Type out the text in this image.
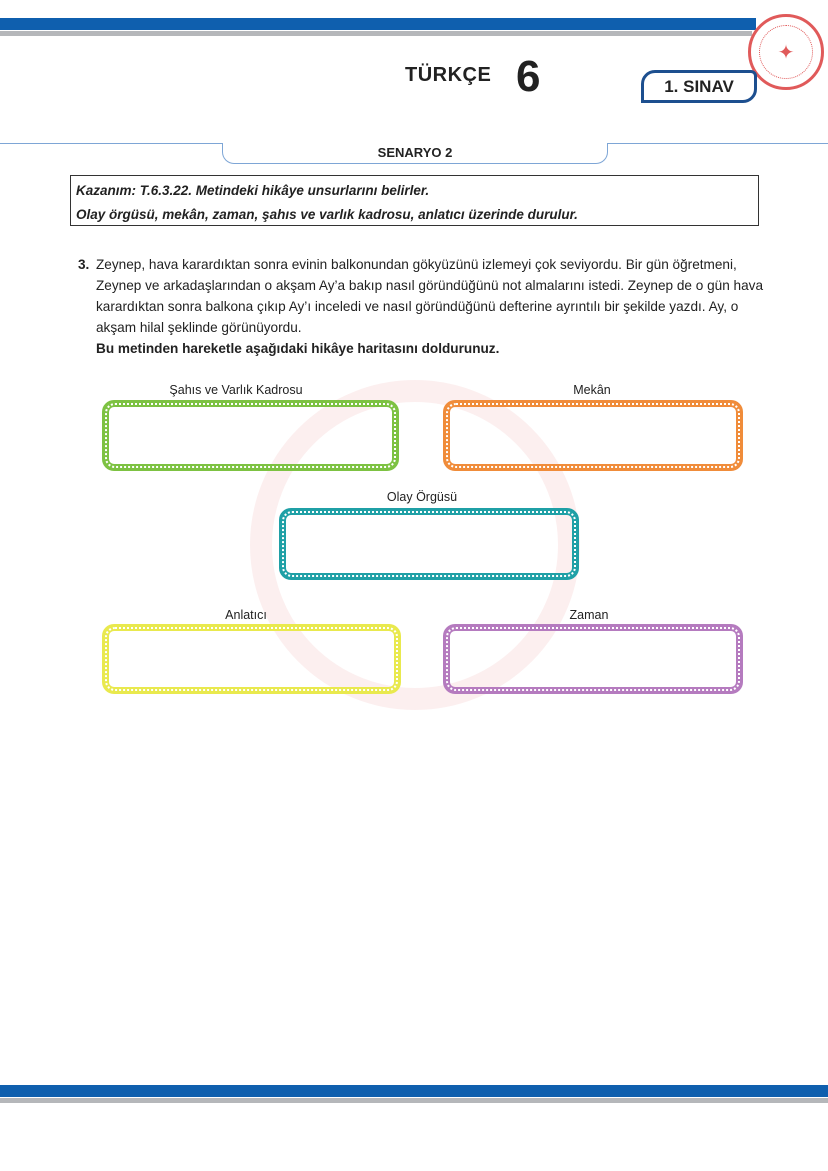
✦
TÜRKÇE 6	1. SINAV
SENARYO 2
Kazanım: T.6.3.22. Metindeki hikâye unsurlarını belirler.
Olay örgüsü, mekân, zaman, şahıs ve varlık kadrosu, anlatıcı üzerinde durulur.
3. Zeynep, hava karardıktan sonra evinin balkonundan gökyüzünü izlemeyi çok seviyordu. Bir gün öğretmeni, Zeynep ve arkadaşlarından o akşam Ay’a bakıp nasıl göründüğünü not almalarını istedi. Zeynep de o gün hava karardıktan sonra balkona çıkıp Ay’ı inceledi ve nasıl göründüğünü defterine ayrıntılı bir şekilde yazdı. Ay, o akşam hilal şeklinde görünüyordu.

Bu metinden hareketle aşağıdaki hikâye haritasını doldurunuz.
Şahıs ve Varlık Kadrosu	Mekân
Olay Örgüsü
Anlatıcı	Zaman
